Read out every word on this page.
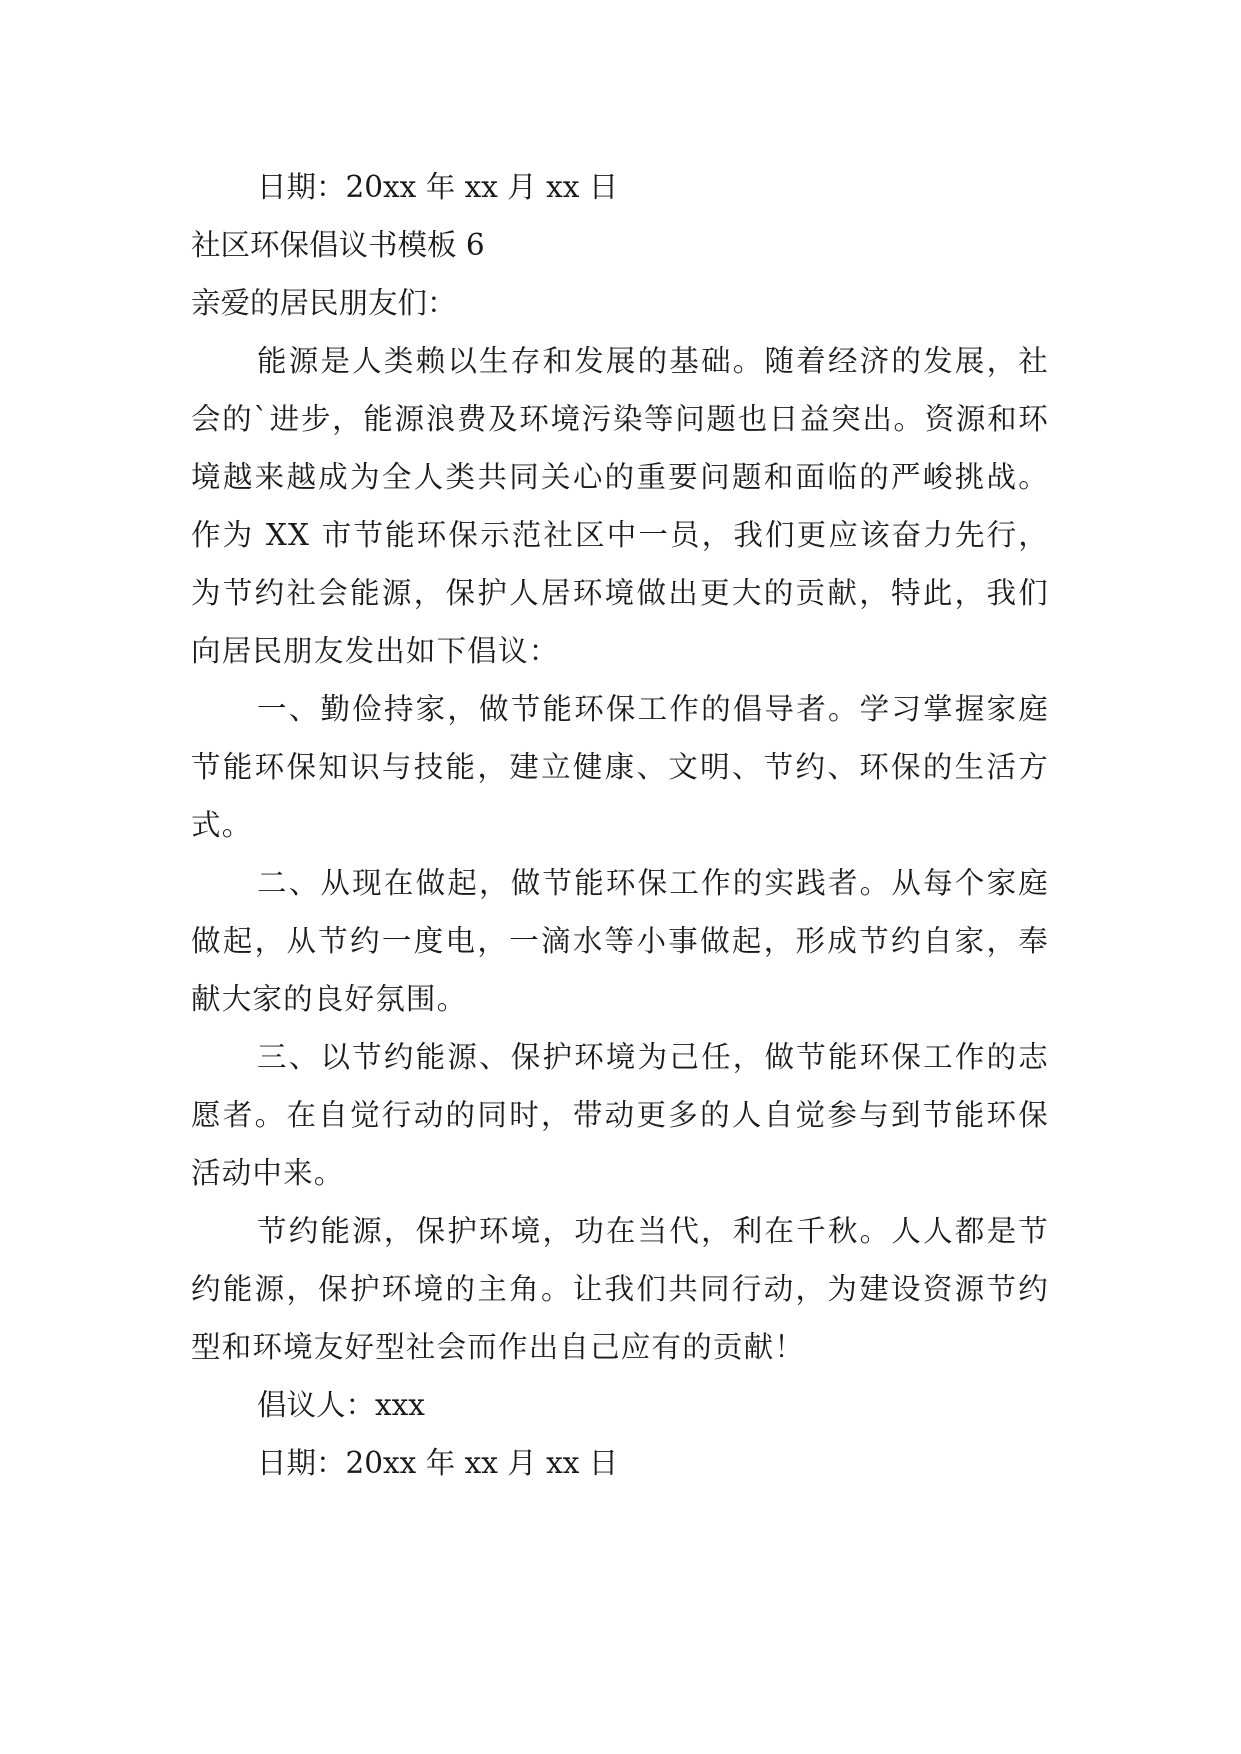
日期：20xx 年 xx 月 xx 日

社区环保倡议书模板 6

亲爱的居民朋友们：

能源是人类赖以生存和发展的基础。随着经济的发展，社会的`进步，能源浪费及环境污染等问题也日益突出。资源和环境越来越成为全人类共同关心的重要问题和面临的严峻挑战。作为 XX 市节能环保示范社区中一员，我们更应该奋力先行，为节约社会能源，保护人居环境做出更大的贡献，特此，我们向居民朋友发出如下倡议：

一、勤俭持家，做节能环保工作的倡导者。学习掌握家庭节能环保知识与技能，建立健康、文明、节约、环保的生活方式。

二、从现在做起，做节能环保工作的实践者。从每个家庭做起，从节约一度电，一滴水等小事做起，形成节约自家，奉献大家的良好氛围。

三、以节约能源、保护环境为己任，做节能环保工作的志愿者。在自觉行动的同时，带动更多的人自觉参与到节能环保活动中来。

节约能源，保护环境，功在当代，利在千秋。人人都是节约能源，保护环境的主角。让我们共同行动，为建设资源节约型和环境友好型社会而作出自己应有的贡献！

倡议人：xxx

日期：20xx 年 xx 月 xx 日
